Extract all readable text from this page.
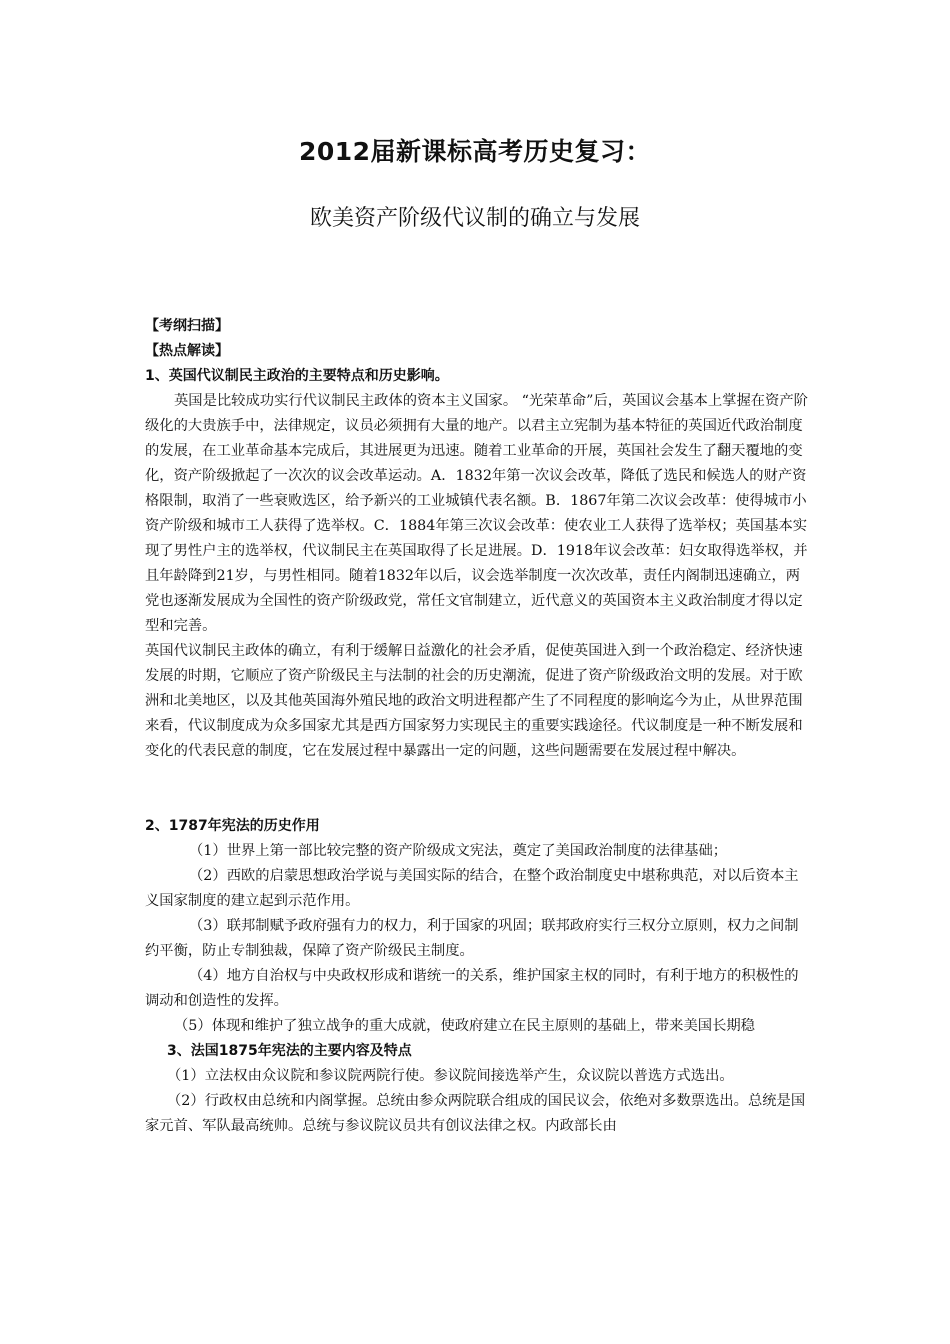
2012届新课标高考历史复习：
欧美资产阶级代议制的确立与发展

【考纲扫描】

【热点解读】

1、英国代议制民主政治的主要特点和历史影响。

英国是比较成功实行代议制民主政体的资本主义国家。 “光荣革命”后，英国议会基本上掌握在资产阶级化的大贵族手中，法律规定，议员必须拥有大量的地产。以君主立宪制为基本特征的英国近代政治制度的发展，在工业革命基本完成后，其进展更为迅速。随着工业革命的开展，英国社会发生了翻天覆地的变化，资产阶级掀起了一次次的议会改革运动。A．1832年第一次议会改革，降低了选民和候选人的财产资格限制，取消了一些衰败选区，给予新兴的工业城镇代表名额。B．1867年第二次议会改革：使得城市小资产阶级和城市工人获得了选举权。C．1884年第三次议会改革：使农业工人获得了选举权；英国基本实现了男性户主的选举权，代议制民主在英国取得了长足进展。D．1918年议会改革：妇女取得选举权，并且年龄降到21岁，与男性相同。随着1832年以后，议会选举制度一次次改革，责任内阁制迅速确立，两党也逐渐发展成为全国性的资产阶级政党，常任文官制建立，近代意义的英国资本主义政治制度才得以定型和完善。

英国代议制民主政体的确立，有利于缓解日益激化的社会矛盾，促使英国进入到一个政治稳定、经济快速发展的时期，它顺应了资产阶级民主与法制的社会的历史潮流，促进了资产阶级政治文明的发展。对于欧洲和北美地区，以及其他英国海外殖民地的政治文明进程都产生了不同程度的影响迄今为止，从世界范围来看，代议制度成为众多国家尤其是西方国家努力实现民主的重要实践途径。代议制度是一种不断发展和变化的代表民意的制度，它在发展过程中暴露出一定的问题，这些问题需要在发展过程中解决。

2、1787年宪法的历史作用

（1）世界上第一部比较完整的资产阶级成文宪法，奠定了美国政治制度的法律基础；

（2）西欧的启蒙思想政治学说与美国实际的结合，在整个政治制度史中堪称典范，对以后资本主义国家制度的建立起到示范作用。

（3）联邦制赋予政府强有力的权力，利于国家的巩固；联邦政府实行三权分立原则，权力之间制约平衡，防止专制独裁，保障了资产阶级民主制度。

（4）地方自治权与中央政权形成和谐统一的关系，维护国家主权的同时，有利于地方的积极性的调动和创造性的发挥。

（5）体现和维护了独立战争的重大成就，使政府建立在民主原则的基础上，带来美国长期稳

3、法国1875年宪法的主要内容及特点

（1）立法权由众议院和参议院两院行使。参议院间接选举产生，众议院以普选方式选出。

（2）行政权由总统和内阁掌握。总统由参众两院联合组成的国民议会，依绝对多数票选出。总统是国家元首、军队最高统帅。总统与参议院议员共有创议法律之权。内政部长由
